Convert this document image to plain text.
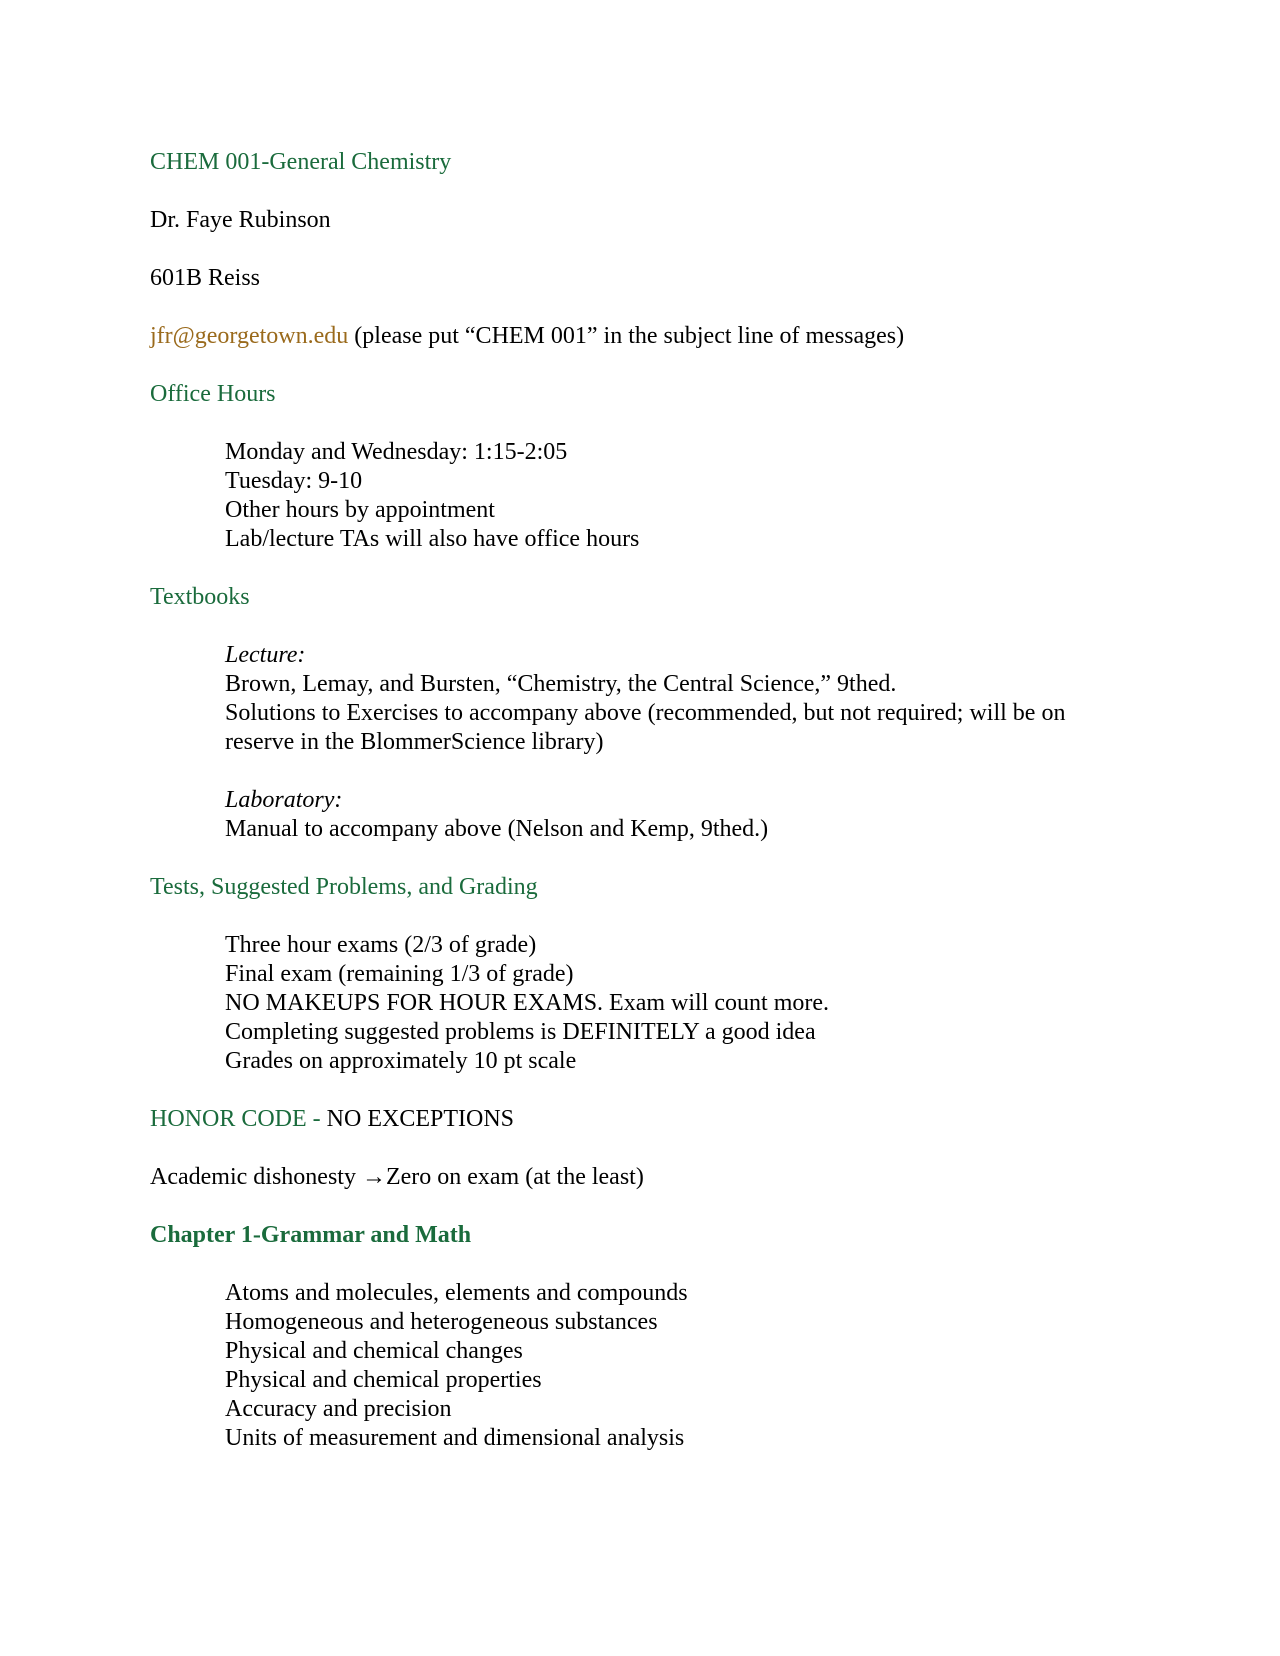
CHEM 001-General Chemistry

Dr. Faye Rubinson

601B Reiss

jfr@georgetown.edu (please put “CHEM 001” in the subject line of messages)

Office Hours

Monday and Wednesday: 1:15-2:05
Tuesday: 9-10
Other hours by appointment
Lab/lecture TAs will also have office hours

Textbooks

Lecture:
Brown, Lemay, and Bursten, “Chemistry, the Central Science,” 9thed.
Solutions to Exercises to accompany above (recommended, but not required; will be on reserve in the BlommerScience library)
Laboratory:
Manual to accompany above (Nelson and Kemp, 9thed.)

Tests, Suggested Problems, and Grading

Three hour exams (2/3 of grade)
Final exam (remaining 1/3 of grade)
NO MAKEUPS FOR HOUR EXAMS. Exam will count more.
Completing suggested problems is DEFINITELY a good idea
Grades on approximately 10 pt scale

HONOR CODE - NO EXCEPTIONS

Academic dishonesty →Zero on exam (at the least)

Chapter 1-Grammar and Math

Atoms and molecules, elements and compounds
Homogeneous and heterogeneous substances
Physical and chemical changes
Physical and chemical properties
Accuracy and precision
Units of measurement and dimensional analysis
